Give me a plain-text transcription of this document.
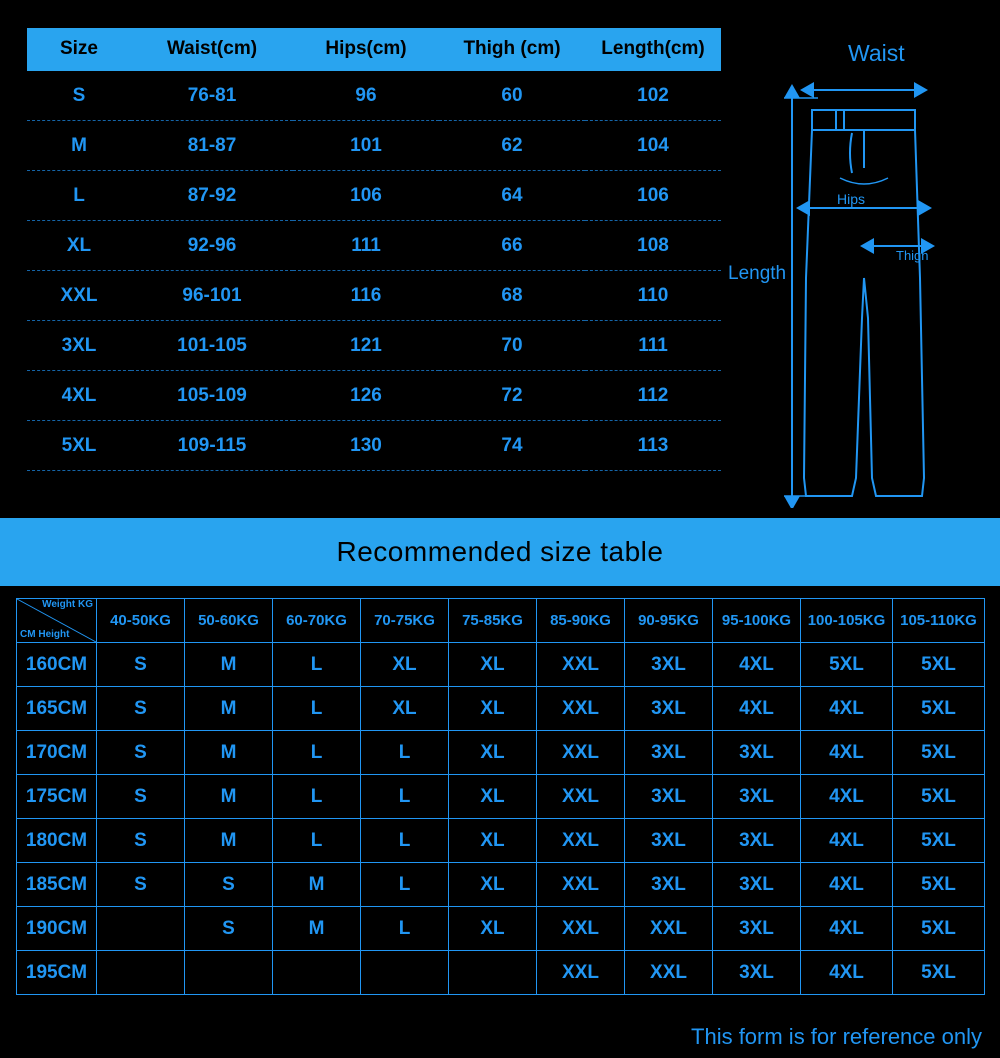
Size	Waist(cm)	Hips(cm)	Thigh (cm)	Length(cm)
S	76-81	96	60	102
M	81-87	101	62	104
L	87-92	106	64	106
XL	92-96	111	66	108
XXL	96-101	116	68	110
3XL	101-105	121	70	111
4XL	105-109	126	72	112
5XL	109-115	130	74	113
Waist
Hips
Thigh
Length
Recommended size table
Weight KG
CM Height	40-50KG	50-60KG	60-70KG	70-75KG	75-85KG	85-90KG	90-95KG	95-100KG	100-105KG	105-110KG
160CM	S	M	L	XL	XL	XXL	3XL	4XL	5XL	5XL
165CM	S	M	L	XL	XL	XXL	3XL	4XL	4XL	5XL
170CM	S	M	L	L	XL	XXL	3XL	3XL	4XL	5XL
175CM	S	M	L	L	XL	XXL	3XL	3XL	4XL	5XL
180CM	S	M	L	L	XL	XXL	3XL	3XL	4XL	5XL
185CM	S	S	M	L	XL	XXL	3XL	3XL	4XL	5XL
190CM		S	M	L	XL	XXL	XXL	3XL	4XL	5XL
195CM						XXL	XXL	3XL	4XL	5XL
This form is for reference only
